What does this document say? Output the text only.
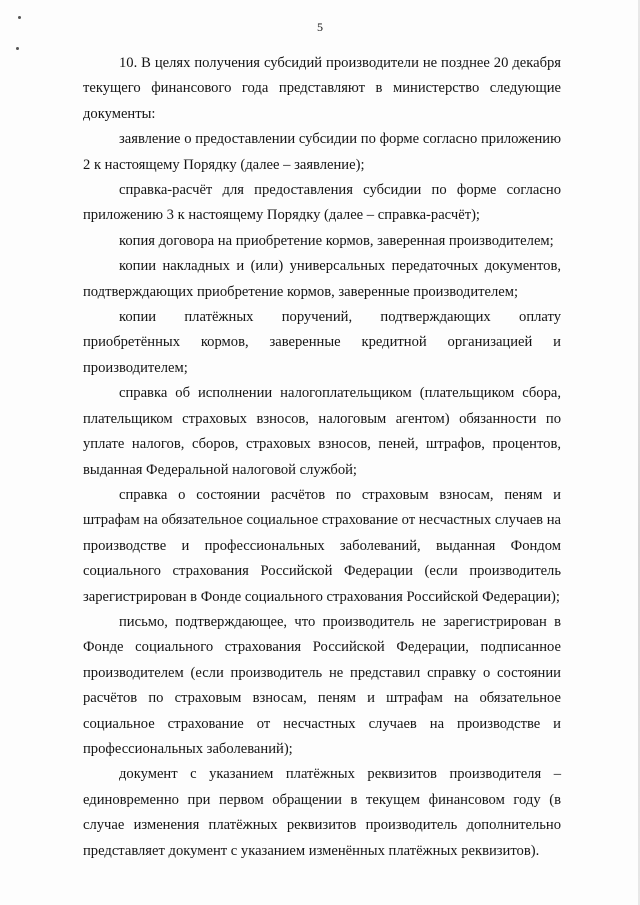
5

10. В целях получения субсидий производители не позднее 20 декабря текущего финансового года представляют в министерство следующие документы:

заявление о предоставлении субсидии по форме согласно приложению 2 к настоящему Порядку (далее – заявление);

справка-расчёт для предоставления субсидии по форме согласно приложению 3 к настоящему Порядку (далее – справка-расчёт);

копия договора на приобретение кормов, заверенная производителем;

копии накладных и (или) универсальных передаточных документов, подтверждающих приобретение кормов, заверенные производителем;

копии платёжных поручений, подтверждающих оплату приобретённых кормов, заверенные кредитной организацией и производителем;

справка об исполнении налогоплательщиком (плательщиком сбора, плательщиком страховых взносов, налоговым агентом) обязанности по уплате налогов, сборов, страховых взносов, пеней, штрафов, процентов, выданная Федеральной налоговой службой;

справка о состоянии расчётов по страховым взносам, пеням и штрафам на обязательное социальное страхование от несчастных случаев на производстве и профессиональных заболеваний, выданная Фондом социального страхования Российской Федерации (если производитель зарегистрирован в Фонде социального страхования Российской Федерации);

письмо, подтверждающее, что производитель не зарегистрирован в Фонде социального страхования Российской Федерации, подписанное производителем (если производитель не представил справку о состоянии расчётов по страховым взносам, пеням и штрафам на обязательное социальное страхование от несчастных случаев на производстве и профессиональных заболеваний);

документ с указанием платёжных реквизитов производителя – единовременно при первом обращении в текущем финансовом году (в случае изменения платёжных реквизитов производитель дополнительно представляет документ с указанием изменённых платёжных реквизитов).
